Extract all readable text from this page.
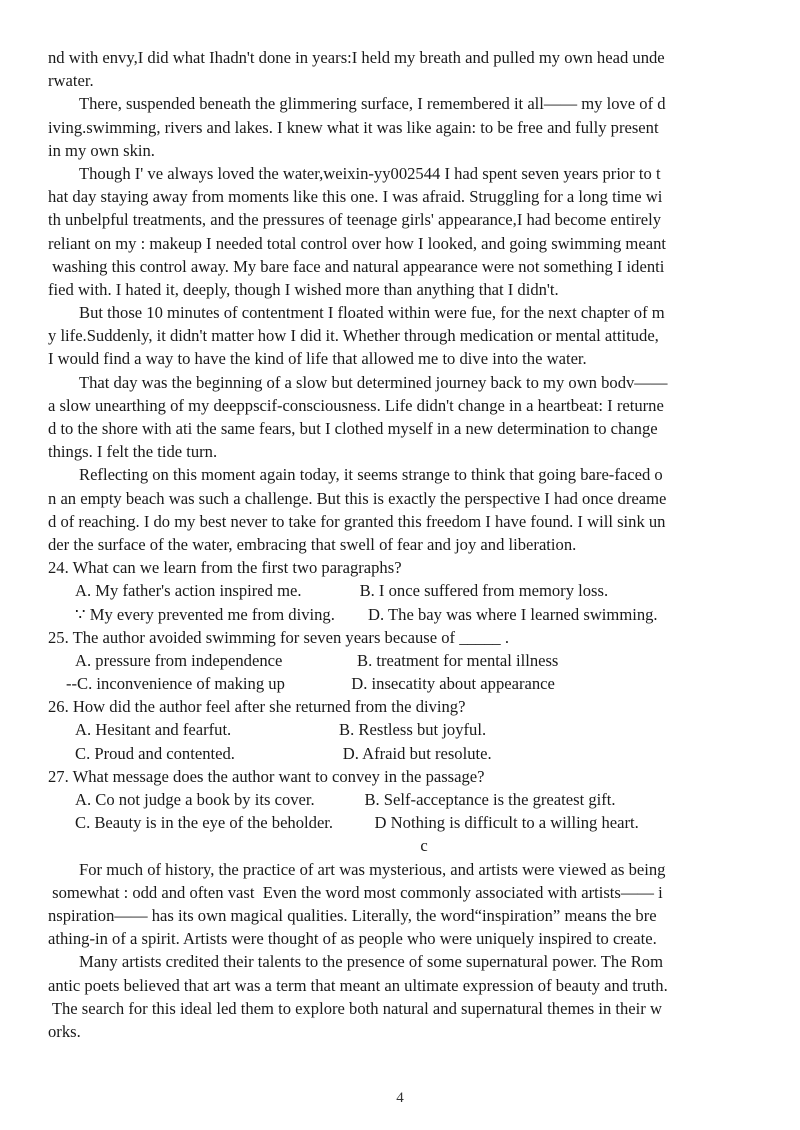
nd with envy,I did what Ihadn't done in years:I held my breath and pulled my own head unde
rwater.
There, suspended beneath the glimmering surface, I remembered it all—— my love of d
iving.swimming, rivers and lakes. I knew what it was like again: to be free and fully present
in my own skin.
Though I' ve always loved the water,weixin-yy002544 I had spent seven years prior to t
hat day staying away from moments like this one. I was afraid. Struggling for a long time wi
th unbelpful treatments, and the pressures of teenage girls' appearance,I had become entirely
reliant on my : makeup I needed total control over how I looked, and going swimming meant
washing this control away. My bare face and natural appearance were not something I identi
fied with. I hated it, deeply, though I wished more than anything that I didn't.
But those 10 minutes of contentment I floated within were fue, for the next chapter of m
y life.Suddenly, it didn't matter how I did it. Whether through medication or mental attitude,
I would find a way to have the kind of life that allowed me to dive into the water.
That day was the beginning of a slow but determined journey back to my own bodv——
a slow unearthing of my deeppscif-consciousness. Life didn't change in a heartbeat: I returne
d to the shore with ati the same fears, but I clothed myself in a new determination to change
things. I felt the tide turn.
Reflecting on this moment again today, it seems strange to think that going bare-faced o
n an empty beach was such a challenge. But this is exactly the perspective I had once dreame
d of reaching. I do my best never to take for granted this freedom I have found. I will sink un
der the surface of the water, embracing that swell of fear and joy and liberation.
24. What can we learn from the first two paragraphs?
A. My father's action inspired me.              B. I once suffered from memory loss.
∵ My every prevented me from diving.        D. The bay was where I learned swimming.
25. The author avoided swimming for seven years because of _____ .
A. pressure from independence                  B. treatment for mental illness
--C. inconvenience of making up                D. insecatity about appearance
26. How did the author feel after she returned from the diving?
A. Hesitant and fearfut.                          B. Restless but joyful.
C. Proud and contented.                          D. Afraid but resolute.
27. What message does the author want to convey in the passage?
A. Co not judge a book by its cover.            B. Self-acceptance is the greatest gift.
C. Beauty is in the eye of the beholder.          D Nothing is difficult to a willing heart.
c
For much of history, the practice of art was mysterious, and artists were viewed as being
somewhat : odd and often vast  Even the word most commonly associated with artists—— i
nspiration—— has its own magical qualities. Literally, the word“inspiration” means the bre
athing-in of a spirit. Artists were thought of as people who were uniquely inspired to create.
Many artists credited their talents to the presence of some supernatural power. The Rom
antic poets believed that art was a term that meant an ultimate expression of beauty and truth.
The search for this ideal led them to explore both natural and supernatural themes in their w
orks.
4
